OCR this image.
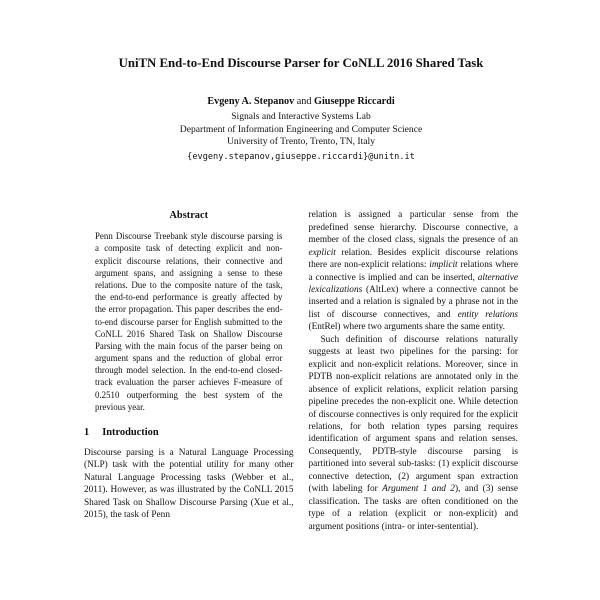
UniTN End-to-End Discourse Parser for CoNLL 2016 Shared Task
Evgeny A. Stepanov and Giuseppe Riccardi
Signals and Interactive Systems Lab
Department of Information Engineering and Computer Science
University of Trento, Trento, TN, Italy
{evgeny.stepanov,giuseppe.riccardi}@unitn.it
Abstract

Penn Discourse Treebank style discourse parsing is a composite task of detecting explicit and non-explicit discourse relations, their connective and argument spans, and assigning a sense to these relations. Due to the composite nature of the task, the end-to-end performance is greatly affected by the error propagation. This paper describes the end-to-end discourse parser for English submitted to the CoNLL 2016 Shared Task on Shallow Discourse Parsing with the main focus of the parser being on argument spans and the reduction of global error through model selection. In the end-to-end closed-track evaluation the parser achieves F-measure of 0.2510 outperforming the best system of the previous year.

1 Introduction

Discourse parsing is a Natural Language Processing (NLP) task with the potential utility for many other Natural Language Processing tasks (Webber et al., 2011). However, as was illustrated by the CoNLL 2015 Shared Task on Shallow Discourse Parsing (Xue et al., 2015), the task of Penn

relation is assigned a particular sense from the predefined sense hierarchy. Discourse connective, a member of the closed class, signals the presence of an explicit relation. Besides explicit discourse relations there are non-explicit relations: implicit relations where a connective is implied and can be inserted, alternative lexicalizations (AltLex) where a connective cannot be inserted and a relation is signaled by a phrase not in the list of discourse connectives, and entity relations (EntRel) where two arguments share the same entity.

Such definition of discourse relations naturally suggests at least two pipelines for the parsing: for explicit and non-explicit relations. Moreover, since in PDTB non-explicit relations are annotated only in the absence of explicit relations, explicit relation parsing pipeline precedes the non-explicit one. While detection of discourse connectives is only required for the explicit relations, for both relation types parsing requires identification of argument spans and relation senses. Consequently, PDTB-style discourse parsing is partitioned into several sub-tasks: (1) explicit discourse connective detection, (2) argument span extraction (with labeling for Argument 1 and 2), and (3) sense classification. The tasks are often conditioned on the type of a relation (explicit or non-explicit) and argument positions (intra- or inter-sentential).
